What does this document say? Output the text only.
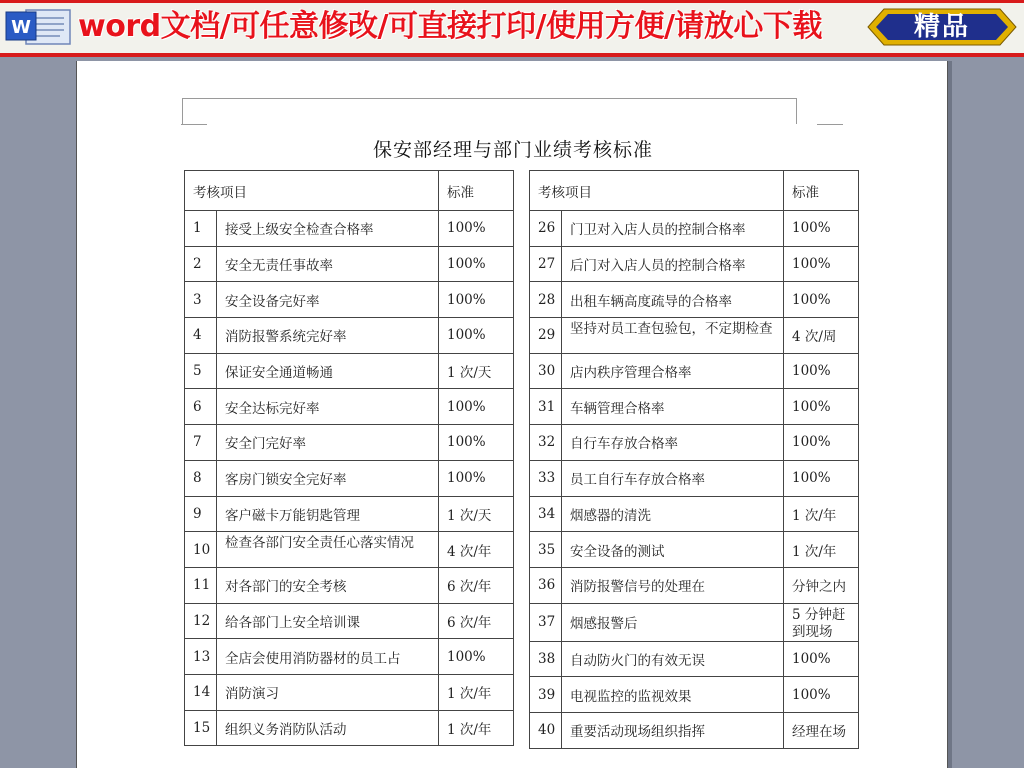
W word文档/可任意修改/可直接打印/使用方便/请放心下载	精品
保安部经理与部门业绩考核标准
考核项目		标准
1	接受上级安全检查合格率	100%
2	安全无责任事故率	100%
3	安全设备完好率	100%
4	消防报警系统完好率	100%
5	保证安全通道畅通	1 次/天
6	安全达标完好率	100%
7	安全门完好率	100%
8	客房门锁安全完好率	100%
9	客户磁卡万能钥匙管理	1 次/天
10	检查各部门安全责任心落实情况	4 次/年
11	对各部门的安全考核	6 次/年
12	给各部门上安全培训课	6 次/年
13	全店会使用消防器材的员工占	100%
14	消防演习	1 次/年
15	组织义务消防队活动	1 次/年
考核项目		标准
26	门卫对入店人员的控制合格率	100%
27	后门对入店人员的控制合格率	100%
28	出租车辆高度疏导的合格率	100%
29	坚持对员工查包验包，不定期检查	4 次/周
30	店内秩序管理合格率	100%
31	车辆管理合格率	100%
32	自行车存放合格率	100%
33	员工自行车存放合格率	100%
34	烟感器的清洗	1 次/年
35	安全设备的测试	1 次/年
36	消防报警信号的处理在	分钟之内
37	烟感报警后	5 分钟赶到现场
38	自动防火门的有效无误	100%
39	电视监控的监视效果	100%
40	重要活动现场组织指挥	经理在场
